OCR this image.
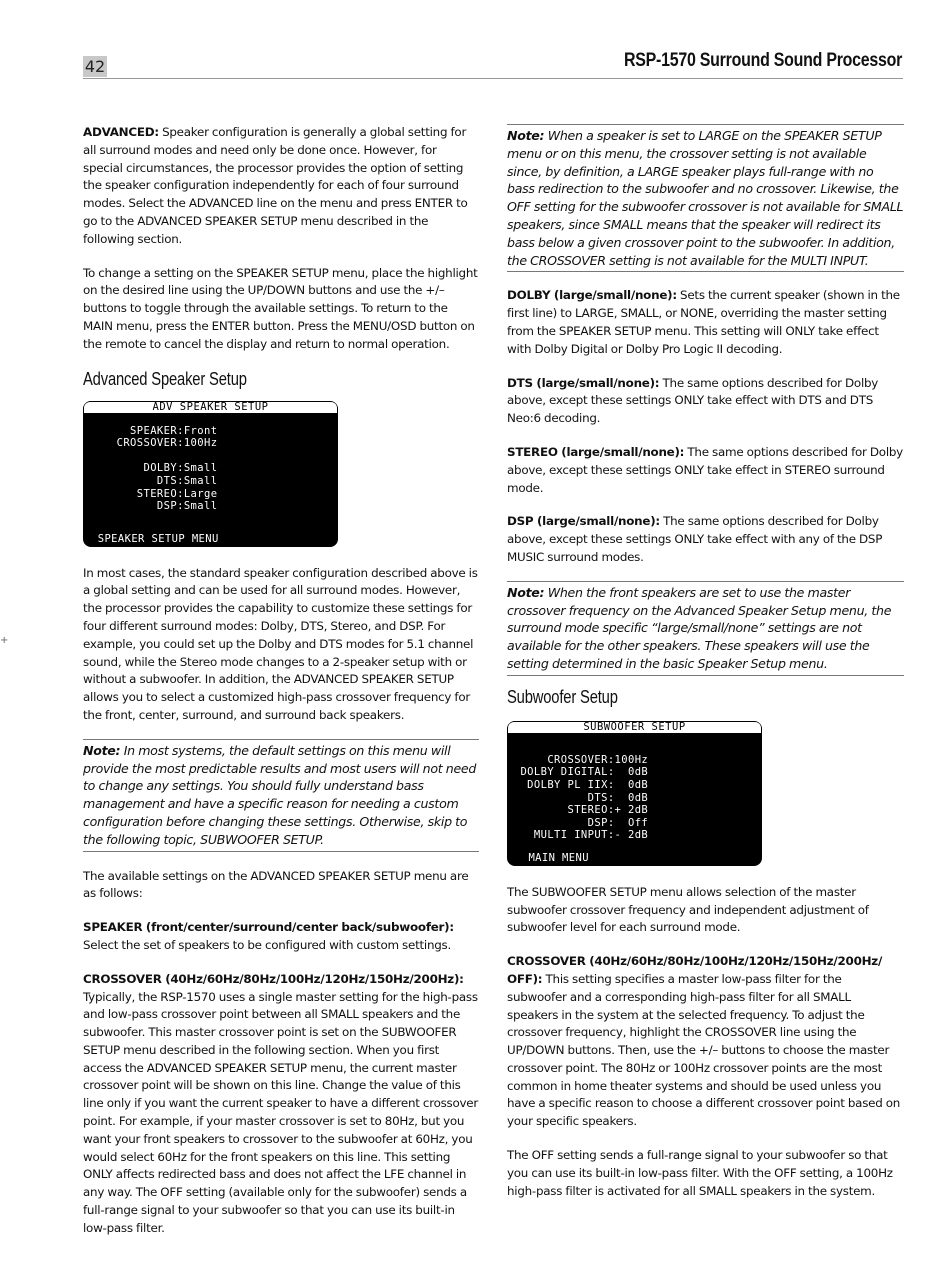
42	RSP-1570 Surround Sound Processor
+

ADVANCED: Speaker configuration is generally a global setting for all surround modes and need only be done once. However, for special circumstances, the processor provides the option of setting the speaker configuration independently for each of four surround modes. Select the ADVANCED line on the menu and press ENTER to go to the ADVANCED SPEAKER SETUP menu described in the following section.

To change a setting on the SPEAKER SETUP menu, place the highlight on the desired line using the UP/DOWN buttons and use the +/– buttons to toggle through the available settings. To return to the MAIN menu, press the ENTER button. Press the MENU/OSD button on the remote to cancel the display and return to normal operation.

Advanced Speaker Setup
ADV SPEAKER SETUP
SPEAKER:Front
CROSSOVER:100Hz

DOLBY:Small
DTS:Small
STEREO:Large
DSP:Small

SPEAKER SETUP MENU

In most cases, the standard speaker configuration described above is a global setting and can be used for all surround modes. However, the processor provides the capability to customize these settings for four different surround modes: Dolby, DTS, Stereo, and DSP. For example, you could set up the Dolby and DTS modes for 5.1 channel sound, while the Stereo mode changes to a 2-speaker setup with or without a subwoofer. In addition, the ADVANCED SPEAKER SETUP allows you to select a customized high-pass crossover frequency for the front, center, surround, and surround back speakers.

Note: In most systems, the default settings on this menu will provide the most predictable results and most users will not need to change any settings. You should fully understand bass management and have a specific reason for needing a custom configuration before changing these settings. Otherwise, skip to the following topic, SUBWOOFER SETUP.

The available settings on the ADVANCED SPEAKER SETUP menu are as follows:

SPEAKER (front/center/surround/center back/subwoofer): Select the set of speakers to be configured with custom settings.

CROSSOVER (40Hz/60Hz/80Hz/100Hz/120Hz/150Hz/200Hz): Typically, the RSP-1570 uses a single master setting for the high-pass and low-pass crossover point between all SMALL speakers and the subwoofer. This master crossover point is set on the SUBWOOFER SETUP menu described in the following section. When you first access the ADVANCED SPEAKER SETUP menu, the current master crossover point will be shown on this line. Change the value of this line only if you want the current speaker to have a different crossover point. For example, if your master crossover is set to 80Hz, but you want your front speakers to crossover to the subwoofer at 60Hz, you would select 60Hz for the front speakers on this line. This setting ONLY affects redirected bass and does not affect the LFE channel in any way. The OFF setting (available only for the subwoofer) sends a full-range signal to your subwoofer so that you can use its built-in low-pass filter.

Note: When a speaker is set to LARGE on the SPEAKER SETUP menu or on this menu, the crossover setting is not available since, by definition, a LARGE speaker plays full-range with no bass redirection to the subwoofer and no crossover. Likewise, the OFF setting for the subwoofer crossover is not available for SMALL speakers, since SMALL means that the speaker will redirect its bass below a given crossover point to the subwoofer. In addition, the CROSSOVER setting is not available for the MULTI INPUT.

DOLBY (large/small/none): Sets the current speaker (shown in the first line) to LARGE, SMALL, or NONE, overriding the master setting from the SPEAKER SETUP menu. This setting will ONLY take effect with Dolby Digital or Dolby Pro Logic II decoding.

DTS (large/small/none): The same options described for Dolby above, except these settings ONLY take effect with DTS and DTS Neo:6 decoding.

STEREO (large/small/none): The same options described for Dolby above, except these settings ONLY take effect in STEREO surround mode.

DSP (large/small/none): The same options described for Dolby above, except these settings ONLY take effect with any of the DSP MUSIC surround modes.

Note: When the front speakers are set to use the master crossover frequency on the Advanced Speaker Setup menu, the surround mode specific “large/small/none” settings are not available for the other speakers. These speakers will use the setting determined in the basic Speaker Setup menu.
Subwoofer Setup
SUBWOOFER SETUP
CROSSOVER:100Hz
DOLBY DIGITAL:  0dB
DOLBY PL IIX:  0dB
DTS:  0dB
STEREO:+ 2dB
DSP:  Off
MULTI INPUT:- 2dB

MAIN MENU

The SUBWOOFER SETUP menu allows selection of the master subwoofer crossover frequency and independent adjustment of subwoofer level for each surround mode.

CROSSOVER (40Hz/60Hz/80Hz/100Hz/120Hz/150Hz/200Hz/ OFF): This setting specifies a master low-pass filter for the subwoofer and a corresponding high-pass filter for all SMALL speakers in the system at the selected frequency. To adjust the crossover frequency, highlight the CROSSOVER line using the UP/DOWN buttons. Then, use the +/– buttons to choose the master crossover point. The 80Hz or 100Hz crossover points are the most common in home theater systems and should be used unless you have a specific reason to choose a different crossover point based on your specific speakers.

The OFF setting sends a full-range signal to your subwoofer so that you can use its built-in low-pass filter. With the OFF setting, a 100Hz high-pass filter is activated for all SMALL speakers in the system.
